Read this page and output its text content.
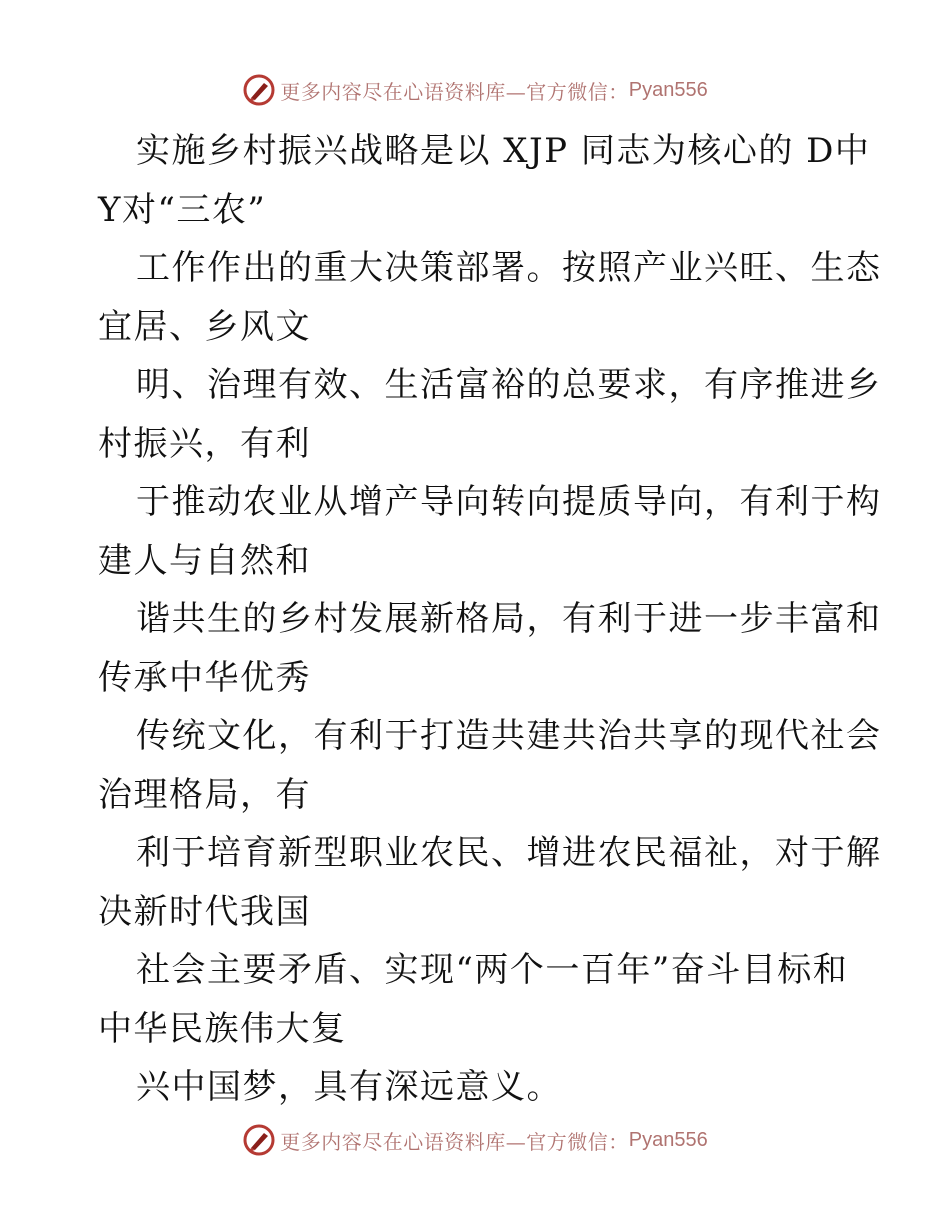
更多内容尽在心语资料库—官方微信： Pyan556

实施乡村振兴战略是以 XJP 同志为核心的 D中

Y对“三农”

工作作出的重大决策部署。按照产业兴旺、生态

宜居、乡风文

明、治理有效、生活富裕的总要求，有序推进乡

村振兴，有利

于推动农业从增产导向转向提质导向，有利于构

建人与自然和

谐共生的乡村发展新格局，有利于进一步丰富和

传承中华优秀

传统文化，有利于打造共建共治共享的现代社会

治理格局，有

利于培育新型职业农民、增进农民福祉，对于解

决新时代我国

社会主要矛盾、实现“两个一百年”奋斗目标和

中华民族伟大复

兴中国梦，具有深远意义。

更多内容尽在心语资料库—官方微信： Pyan556
